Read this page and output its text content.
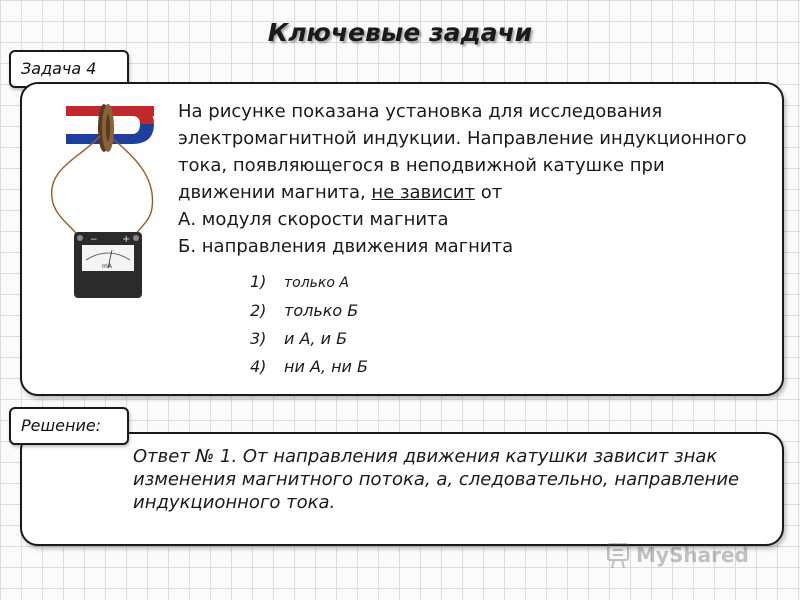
Ключевые задачи
Задача 4
− +
mA
На рисунке показана установка для исследования электромагнитной индукции. Направление индукционного тока, появляющегося в неподвижной катушке при движении магнита, не зависит от
А. модуля скорости магнита
Б. направления движения магнита
1) только А
2) только Б
3) и А, и Б
4) ни А, ни Б
Решение:
Ответ № 1. От направления движения катушки зависит знак изменения магнитного потока, а, следовательно, направление индукционного тока.
MyShared
